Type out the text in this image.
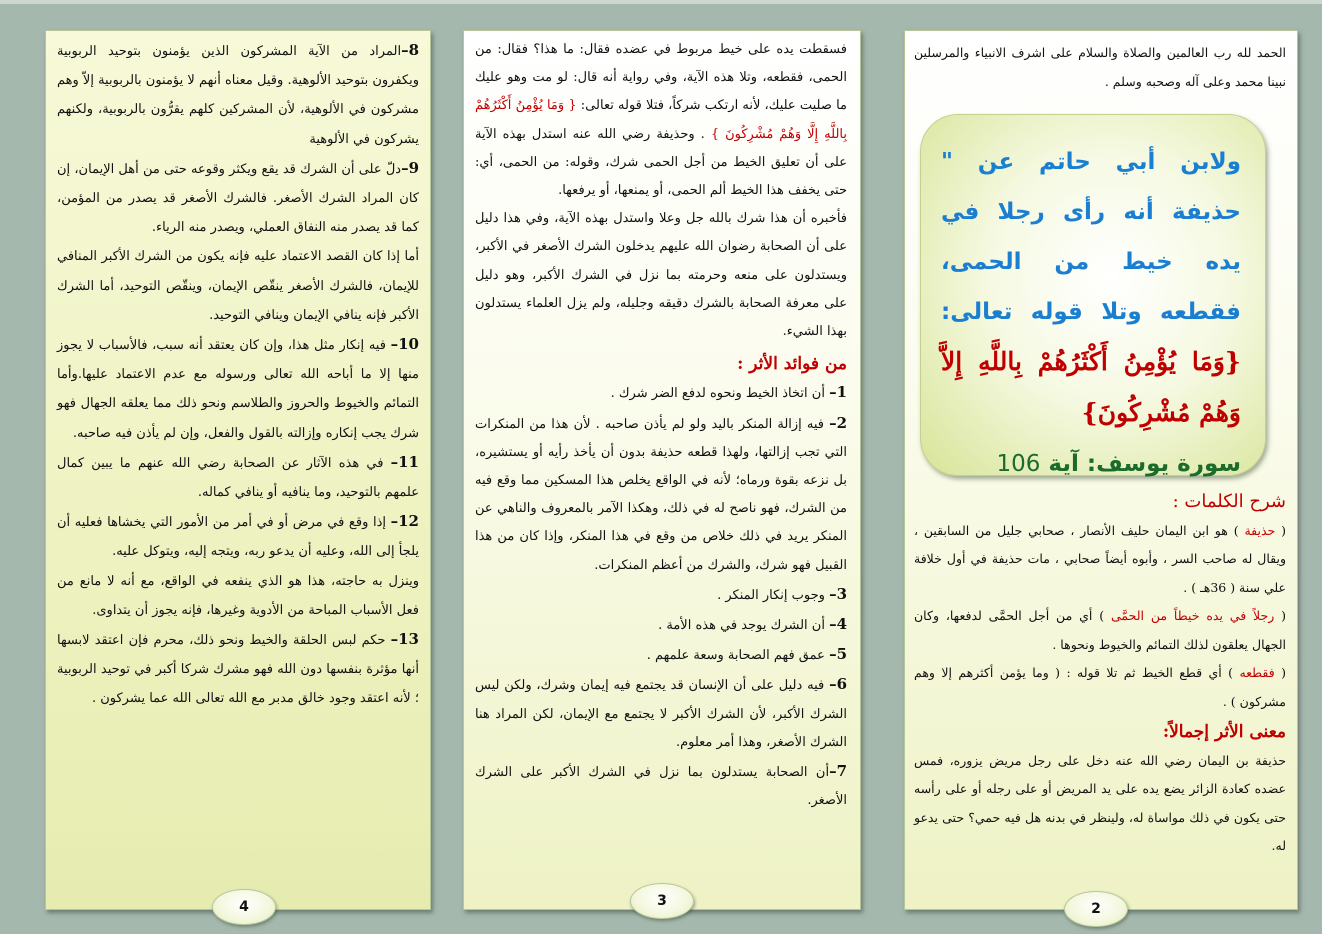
8–المراد من الآية المشركون الذين يؤمنون بتوحيد الربوبية ويكفرون بتوحيد الألوهية. وقيل معناه أنهم لا يؤمنون بالربوبية إلاّ وهم مشركون في الألوهية، لأن المشركين كلهم يقرُّون بالربوبية، ولكنهم يشركون في الألوهية

9–دلّ على أن الشرك قد يقع ويكثر وقوعه حتى من أهل الإيمان، إن كان المراد الشرك الأصغر. فالشرك الأصغر قد يصدر من المؤمن، كما قد يصدر منه النفاق العملي، ويصدر منه الرياء.

أما إذا كان القصد الاعتماد عليه فإنه يكون من الشرك الأكبر المنافي للإيمان، فالشرك الأصغر ينقّص الإيمان، وينقّص التوحيد، أما الشرك الأكبر فإنه ينافي الإيمان وينافي التوحيد.

10– فيه إنكار مثل هذا، وإن كان يعتقد أنه سبب، فالأسباب لا يجوز منها إلا ما أباحه الله تعالى ورسوله مع عدم الاعتماد عليها.وأما التمائم والخيوط والحروز والطلاسم ونحو ذلك مما يعلقه الجهال فهو شرك يجب إنكاره وإزالته بالقول والفعل، وإن لم يأذن فيه صاحبه.

11– في هذه الآثار عن الصحابة رضي الله عنهم ما يبين كمال علمهم بالتوحيد، وما ينافيه أو ينافي كماله.

12– إذا وقع في مرض أو في أمر من الأمور التي يخشاها فعليه أن يلجأ إلى الله، وعليه أن يدعو ربه، ويتجه إليه، ويتوكل عليه.

وينزل به حاجته، هذا هو الذي ينفعه في الواقع، مع أنه لا مانع من فعل الأسباب المباحة من الأدوية وغيرها، فإنه يجوز أن يتداوى.

13– حكم لبس الحلقة والخيط ونحو ذلك، محرم فإن اعتقد لابسها أنها مؤثرة بنفسها دون الله فهو مشرك شركا أكبر في توحيد الربوبية ؛ لأنه اعتقد وجود خالق مدبر مع الله تعالى الله عما يشركون .

4

فسقطت يده على خيط مربوط في عضده فقال: ما هذا؟ فقال: من الحمى، فقطعه، وتلا هذه الآية، وفي رواية أنه قال: لو مت وهو عليك ما صليت عليك، لأنه ارتكب شركاً، فتلا قوله تعالى: { وَمَا يُؤْمِنُ أَكْثَرُهُمْ بِاللَّهِ إِلَّا وَهُمْ مُشْرِكُونَ } . وحذيفة رضي الله عنه استدل بهذه الآية على أن تعليق الخيط من أجل الحمى شرك، وقوله: من الحمى، أي: حتى يخفف هذا الخيط ألم الحمى، أو يمنعها، أو يرفعها.

فأخبره أن هذا شرك بالله جل وعلا واستدل بهذه الآية، وفي هذا دليل على أن الصحابة رضوان الله عليهم يدخلون الشرك الأصغر في الأكبر، ويستدلون على منعه وحرمته بما نزل في الشرك الأكبر، وهو دليل على معرفة الصحابة بالشرك دقيقه وجليله، ولم يزل العلماء يستدلون بهذا الشيء.

من فوائد الأثر :

1– أن اتخاذ الخيط ونحوه لدفع الضر شرك .

2– فيه إزالة المنكر باليد ولو لم يأذن صاحبه . لأن هذا من المنكرات التي تجب إزالتها، ولهذا قطعه حذيفة بدون أن يأخذ رأيه أو يستشيره، بل نزعه بقوة ورماه؛ لأنه في الواقع يخلص هذا المسكين مما وقع فيه من الشرك، فهو ناصح له في ذلك، وهكذا الآمر بالمعروف والناهي عن المنكر يريد في ذلك خلاص من وقع في هذا المنكر، وإذا كان من هذا القبيل فهو شرك، والشرك من أعظم المنكرات.

3– وجوب إنكار المنكر .

4– أن الشرك يوجد في هذه الأمة .

5– عمق فهم الصحابة وسعة علمهم .

6– فيه دليل على أن الإنسان قد يجتمع فيه إيمان وشرك، ولكن ليس الشرك الأكبر، لأن الشرك الأكبر لا يجتمع مع الإيمان، لكن المراد هنا الشرك الأصغر، وهذا أمر معلوم.

7–أن الصحابة يستدلون بما نزل في الشرك الأكبر على الشرك الأصغر.

3
الحمد لله رب العالمين والصلاة والسلام على اشرف الانبياء والمرسلين نبينا محمد وعلى آله وصحبه وسلم .
ولابن أبي حاتم عن " حذيفة أنه رأى رجلا في يده خيط من الحمى، فقطعه وتلا قوله تعالى: {وَمَا يُؤْمِنُ أَكْثَرُهُمْ بِاللَّهِ إِلاَّ وَهُمْ مُشْرِكُونَ}
سورة يوسف: آية 106

شرح الكلمات :

( حذيفة ) هو ابن اليمان حليف الأنصار ، صحابي جليل من السابقين ، ويقال له صاحب السر ، وأبوه أيضاً صحابي ، مات حذيفة في أول خلافة علي سنة ( 36هـ ) .

( رجلاً في يده خيطاً من الحمَّى ) أي من أجل الحمَّى لدفعها، وكان الجهال يعلقون لذلك التمائم والخيوط ونحوها .

( فقطعه ) أي قطع الخيط ثم تلا قوله : ( وما يؤمن أكثرهم إلا وهم مشركون ) .

معنى الأثر إجمالاً:

حذيفة بن اليمان رضي الله عنه دخل على رجل مريض يزوره، فمس عضده كعادة الزائر يضع يده على يد المريض أو على رجله أو على رأسه حتى يكون في ذلك مواساة له، ولينظر في بدنه هل فيه حمي؟ حتى يدعو له.

2
